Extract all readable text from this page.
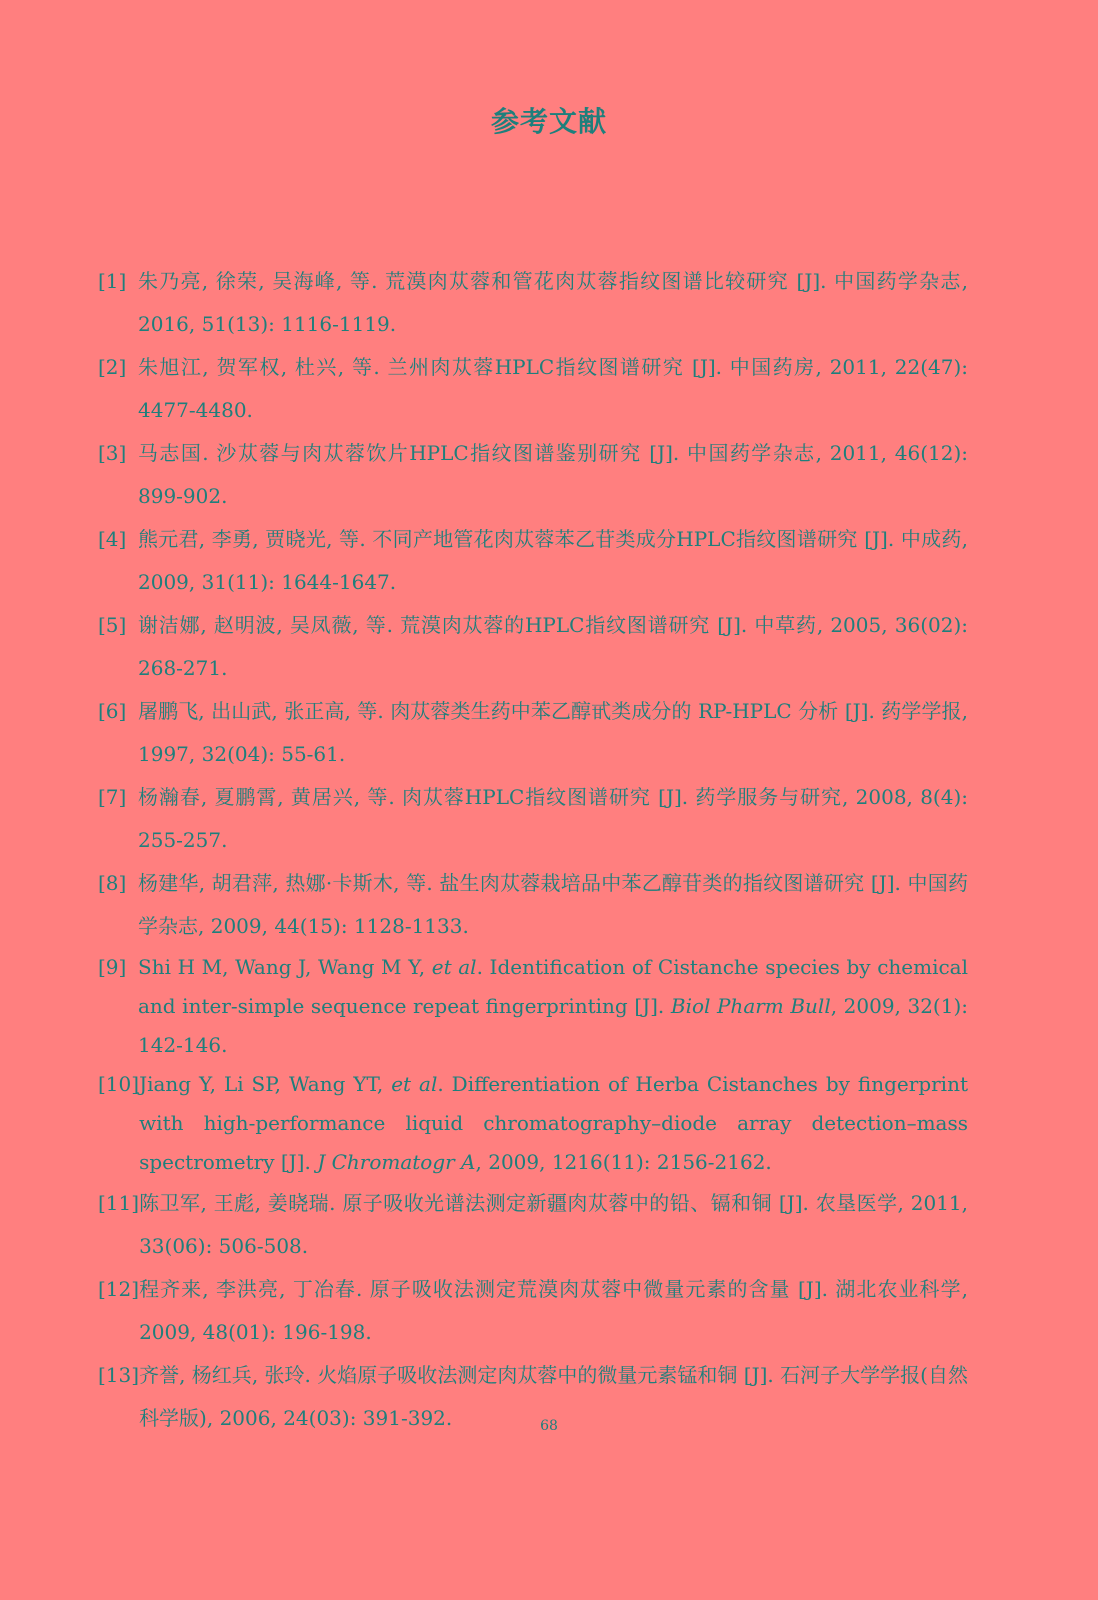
参考文献
[1] 朱乃亮, 徐荣, 吴海峰, 等. 荒漠肉苁蓉和管花肉苁蓉指纹图谱比较研究 [J]. 中国药学杂志, 2016, 51(13): 1116-1119.
[2] 朱旭江, 贺军权, 杜兴, 等. 兰州肉苁蓉HPLC指纹图谱研究 [J]. 中国药房, 2011, 22(47): 4477-4480.
[3] 马志国. 沙苁蓉与肉苁蓉饮片HPLC指纹图谱鉴别研究 [J]. 中国药学杂志, 2011, 46(12): 899-902.
[4] 熊元君, 李勇, 贾晓光, 等. 不同产地管花肉苁蓉苯乙苷类成分HPLC指纹图谱研究 [J]. 中成药, 2009, 31(11): 1644-1647.
[5] 谢洁娜, 赵明波, 吴凤薇, 等. 荒漠肉苁蓉的HPLC指纹图谱研究 [J]. 中草药, 2005, 36(02): 268-271.
[6] 屠鹏飞, 出山武, 张正高, 等. 肉苁蓉类生药中苯乙醇甙类成分的 RP-HPLC 分析 [J]. 药学学报, 1997, 32(04): 55-61.
[7] 杨瀚春, 夏鹏霄, 黄居兴, 等. 肉苁蓉HPLC指纹图谱研究 [J]. 药学服务与研究, 2008, 8(4): 255-257.
[8] 杨建华, 胡君萍, 热娜·卡斯木, 等. 盐生肉苁蓉栽培品中苯乙醇苷类的指纹图谱研究 [J]. 中国药学杂志, 2009, 44(15): 1128-1133.
[9] Shi H M, Wang J, Wang M Y, et al. Identification of Cistanche species by chemical and inter-simple sequence repeat fingerprinting [J]. Biol Pharm Bull, 2009, 32(1): 142-146.
[10] Jiang Y, Li SP, Wang YT, et al. Differentiation of Herba Cistanches by fingerprint with high-performance liquid chromatography–diode array detection–mass spectrometry [J]. J Chromatogr A, 2009, 1216(11): 2156-2162.
[11] 陈卫军, 王彪, 姜晓瑞. 原子吸收光谱法测定新疆肉苁蓉中的铅、镉和铜 [J]. 农垦医学, 2011, 33(06): 506-508.
[12] 程齐来, 李洪亮, 丁冶春. 原子吸收法测定荒漠肉苁蓉中微量元素的含量 [J]. 湖北农业科学, 2009, 48(01): 196-198.
[13] 齐誉, 杨红兵, 张玲. 火焰原子吸收法测定肉苁蓉中的微量元素锰和铜 [J]. 石河子大学学报(自然科学版), 2006, 24(03): 391-392.	68
